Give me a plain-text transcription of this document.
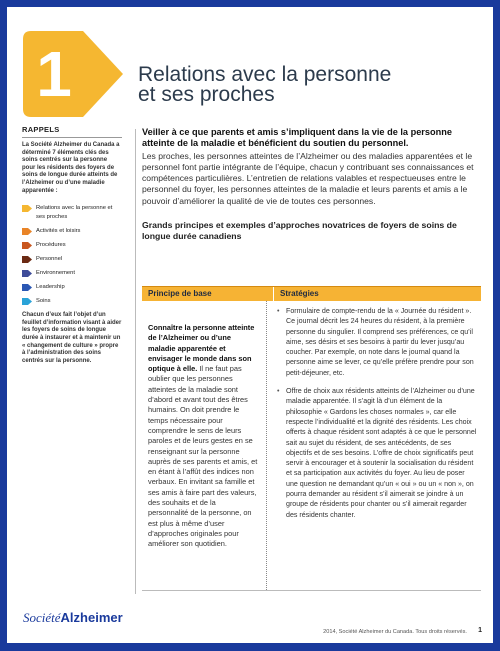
1	Relations avec la personne
et ses proches
RAPPELS

La Société Alzheimer du Canada a déterminé 7 éléments clés des soins centrés sur la personne pour les résidents des foyers de soins de longue durée atteints de l’Alzheimer ou d’une maladie apparentée :

Relations avec la personne et ses proches
Activités et loisirs
Procédures
Personnel
Environnement
Leadership
Soins

Chacun d’eux fait l’objet d’un feuillet d’information visant à aider les foyers de soins de longue durée à instaurer et à maintenir un « changement de culture » propre à l’administration des soins centrés sur la personne.

Veiller à ce que parents et amis s’impliquent dans la vie de la personne atteinte de la maladie et bénéficient du soutien du personnel.

Les proches, les personnes atteintes de l’Alzheimer ou des maladies apparentées et le personnel font partie intégrante de l’équipe, chacun y contribuant ses connaissances et compétences particulières. L’entretien de relations valables et respectueuses entre le personnel du foyer, les personnes atteintes de la maladie et leurs parents et amis a le pouvoir d’améliorer la qualité de vie de toutes ces personnes.

Grands principes et exemples d’approches novatrices de foyers de soins de longue durée canadiens
Principe de base	Stratégies
Connaître la personne atteinte de l’Alzheimer ou d’une maladie apparentée et envisager le monde dans son optique à elle. Il ne faut pas oublier que les personnes atteintes de la maladie sont d’abord et avant tout des êtres humains. On doit prendre le temps nécessaire pour comprendre le sens de leurs paroles et de leurs gestes en se renseignant sur la personne auprès de ses parents et amis, et en étant à l’affût des indices non verbaux. En invitant sa famille et ses amis à faire part des valeurs, des souhaits et de la personnalité de la personne, on est plus à même d’user d’approches originales pour améliorer son quotidien.
• Formulaire de compte-rendu de la « Journée du résident ». Ce journal décrit les 24 heures du résident, à la première personne du singulier. Il comprend ses préférences, ce qu’il aime, ses désirs et ses besoins à partir du lever jusqu’au coucher. Par exemple, on note dans le journal quand la personne aime se lever, ce qu’elle préfère prendre pour son petit-déjeuner, etc.
• Offre de choix aux résidents atteints de l’Alzheimer ou d’une maladie apparentée. Il s’agit là d’un élément de la philosophie « Gardons les choses normales », car elle respecte l’individualité et la dignité des résidents. Les choix offerts à chaque résident sont adaptés à ce que le personnel sait au sujet du résident, de ses antécédents, de ses objectifs et de ses besoins. L’offre de choix significatifs peut servir à encourager et à soutenir la socialisation du résident et sa participation aux activités du foyer. Au lieu de poser une question ne demandant qu’un « oui » ou un « non », on pourra demander au résident s’il aimerait se joindre à un groupe de résidents pour chanter ou s’il aimerait regarder des résidents chanter.
SociétéAlzheimer
2014, Société Alzheimer du Canada. Tous droits réservés. 1
